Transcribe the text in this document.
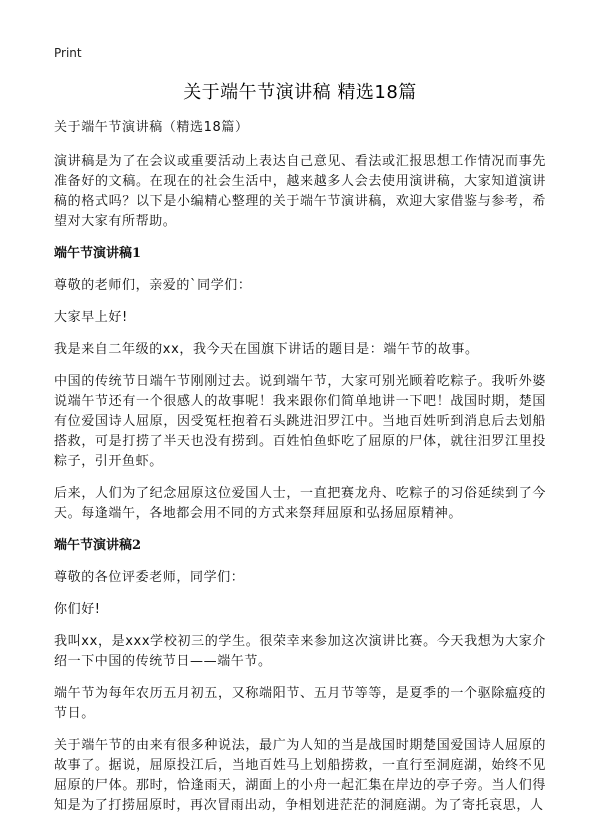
Print
关于端午节演讲稿 精选18篇

关于端午节演讲稿（精选18篇）

演讲稿是为了在会议或重要活动上表达自己意见、看法或汇报思想工作情况而事先准备好的文稿。在现在的社会生活中，越来越多人会去使用演讲稿，大家知道演讲稿的格式吗？以下是小编精心整理的关于端午节演讲稿，欢迎大家借鉴与参考，希望对大家有所帮助。

端午节演讲稿1

尊敬的老师们，亲爱的`同学们：

大家早上好!

我是来自二年级的xx，我今天在国旗下讲话的题目是：端午节的故事。

中国的传统节日端午节刚刚过去。说到端午节，大家可别光顾着吃粽子。我听外婆说端午节还有一个很感人的故事呢！我来跟你们简单地讲一下吧！战国时期，楚国有位爱国诗人屈原，因受冤枉抱着石头跳进汨罗江中。当地百姓听到消息后去划船搭救，可是打捞了半天也没有捞到。百姓怕鱼虾吃了屈原的尸体，就往汨罗江里投粽子，引开鱼虾。

后来，人们为了纪念屈原这位爱国人士，一直把赛龙舟、吃粽子的习俗延续到了今天。每逢端午，各地都会用不同的方式来祭拜屈原和弘扬屈原精神。

端午节演讲稿2

尊敬的各位评委老师，同学们：

你们好!

我叫xx，是xxx学校初三的学生。很荣幸来参加这次演讲比赛。今天我想为大家介绍一下中国的传统节日——端午节。

端午节为每年农历五月初五，又称端阳节、五月节等等，是夏季的一个驱除瘟疫的节日。

关于端午节的由来有很多种说法，最广为人知的当是战国时期楚国爱国诗人屈原的故事了。据说，屈原投江后，当地百姓马上划船捞救，一直行至洞庭湖，始终不见屈原的尸体。那时，恰逢雨天，湖面上的小舟一起汇集在岸边的亭子旁。当人们得知是为了打捞屈原时，再次冒雨出动，争相划进茫茫的洞庭湖。为了寄托哀思，人
